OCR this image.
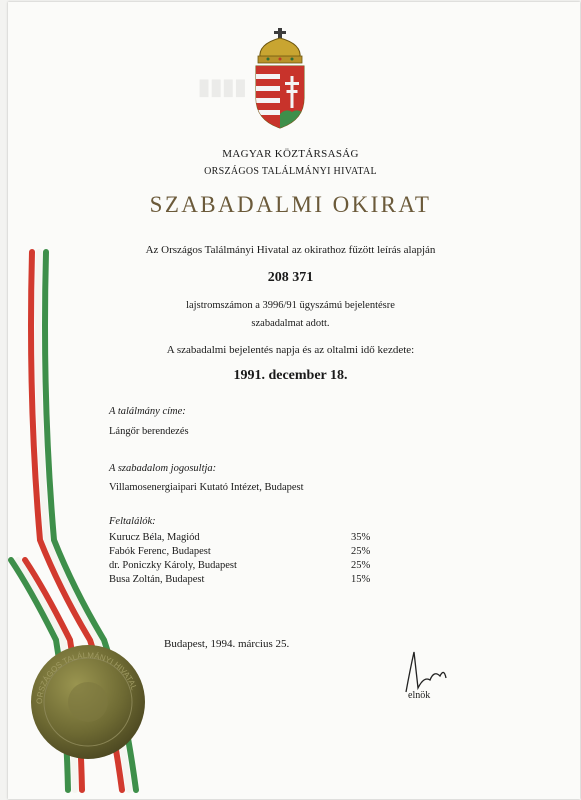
▮▮▮▮
ORSZÁGOS TALÁLMÁNYI HIVATAL
MAGYAR KÖZTÁRSASÁG
ORSZÁGOS TALÁLMÁNYI HIVATAL
SZABADALMI OKIRAT
Az Országos Találmányi Hivatal az okirathoz fűzött leírás alapján
208 371
lajstromszámon a 3996/91 ügyszámú bejelentésre
szabadalmat adott.
A szabadalmi bejelentés napja és az oltalmi idő kezdete:
1991. december 18.
A találmány címe:
Lángőr berendezés
A szabadalom jogosultja:
Villamosenergiaipari Kutató Intézet, Budapest
Feltalálók:
Kurucz Béla, Magiód	35%
Fabók Ferenc, Budapest	25%
dr. Poniczky Károly, Budapest	25%
Busa Zoltán, Budapest	15%
Budapest, 1994. március 25.
elnök
